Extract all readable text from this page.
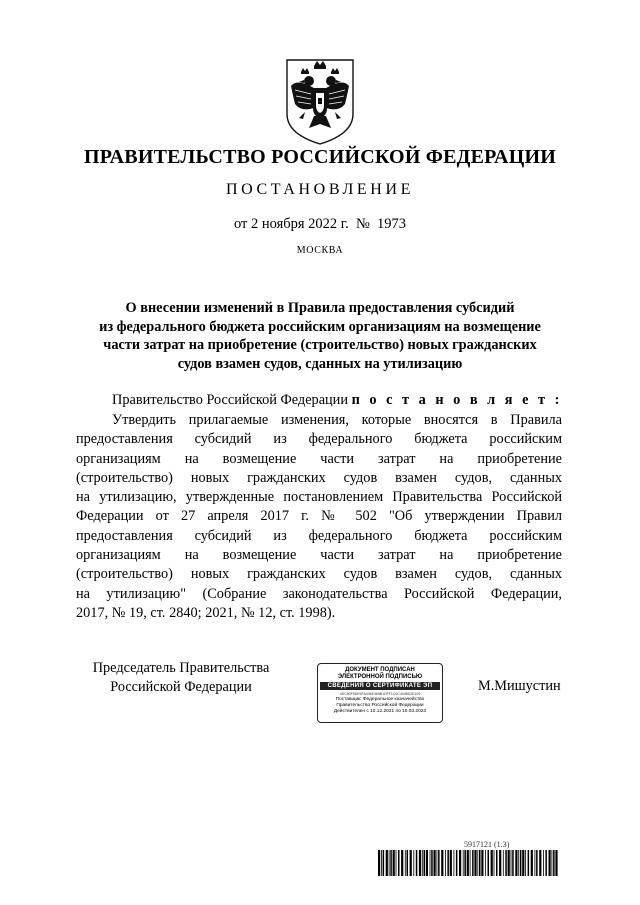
ПРАВИТЕЛЬСТВО РОССИЙСКОЙ ФЕДЕРАЦИИ

ПОСТАНОВЛЕНИЕ

от 2 ноября 2022 г.  №  1973

МОСКВА

О внесении изменений в Правила предоставления субсидий
из федерального бюджета российским организациям на возмещение
части затрат на приобретение (строительство) новых гражданских
судов взамен судов, сданных на утилизацию

Правительство Российской Федерации п о с т а н о в л я е т :

Утвердить прилагаемые изменения, которые вносятся в Правила
предоставления субсидий из федерального бюджета российским
организациям на возмещение части затрат на приобретение
(строительство) новых гражданских судов взамен судов, сданных
на утилизацию, утвержденные постановлением Правительства Российской
Федерации от 27 апреля 2017 г. № 502 "Об утверждении Правил
предоставления субсидий из федерального бюджета российским
организациям на возмещение части затрат на приобретение
(строительство) новых гражданских судов взамен судов, сданных
на утилизацию" (Собрание законодательства Российской Федерации,
2017, № 19, ст. 2840; 2021, № 12, ст. 1998).

Председатель Правительства
Российской Федерации

ДОКУМЕНТ ПОДПИСАН
ЭЛЕКТРОННОЙ ПОДПИСЬЮ
СВЕДЕНИЯ О СЕРТИФИКАТЕ ЭП
4DC80F5DE9FA436E365B1DFF1C0C4448D2E109
Поставщик: Федеральное казначейство
Правительство Российской Федерации
Действителен с 10.12.2021 по 10.03.2023

М.Мишустин

5917121 (1.3)
